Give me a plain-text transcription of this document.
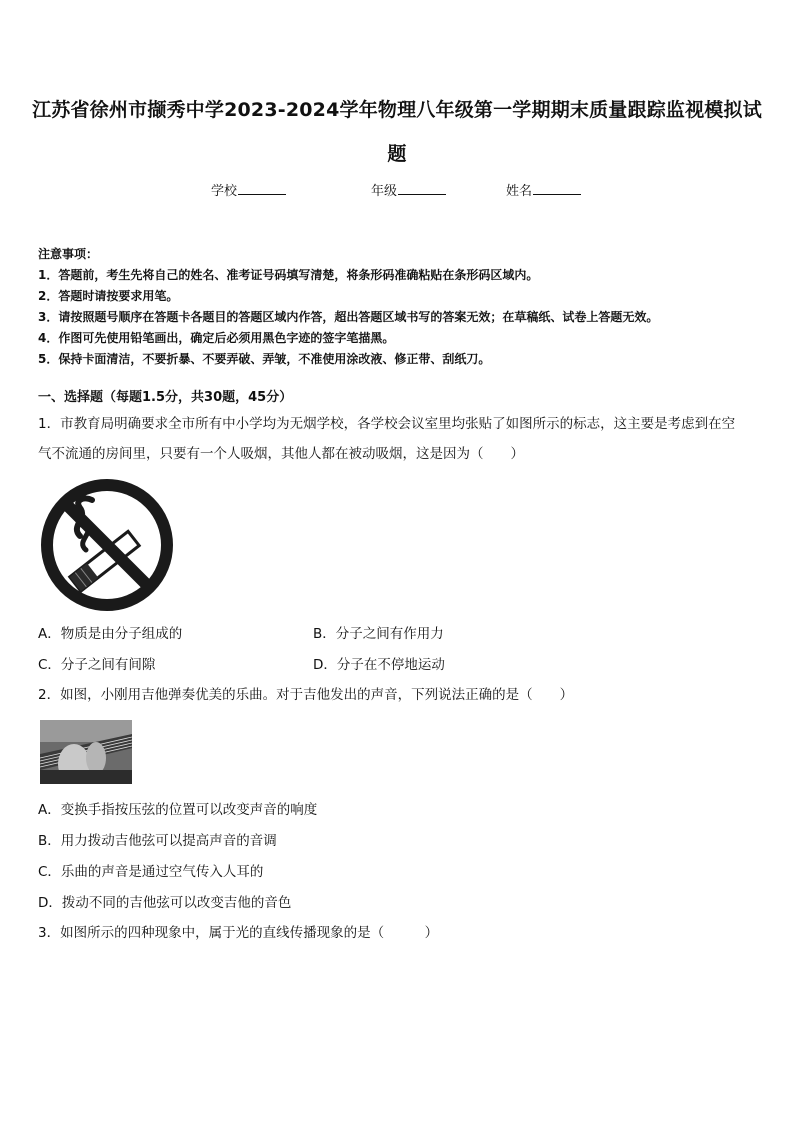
江苏省徐州市撷秀中学2023-2024学年物理八年级第一学期期末质量跟踪监视模拟试
题
学校	年级	姓名
注意事项：
1．答题前，考生先将自己的姓名、准考证号码填写清楚，将条形码准确粘贴在条形码区域内。
2．答题时请按要求用笔。
3．请按照题号顺序在答题卡各题目的答题区域内作答，超出答题区域书写的答案无效；在草稿纸、试卷上答题无效。
4．作图可先使用铅笔画出，确定后必须用黑色字迹的签字笔描黑。
5．保持卡面清洁，不要折暴、不要弄破、弄皱，不准使用涂改液、修正带、刮纸刀。
一、选择题（每题1.5分，共30题，45分）
1．市教育局明确要求全市所有中小学均为无烟学校，各学校会议室里均张贴了如图所示的标志，这主要是考虑到在空
气不流通的房间里，只要有一个人吸烟，其他人都在被动吸烟，这是因为（　　）
A．物质是由分子组成的	B．分子之间有作用力
C．分子之间有间隙	D．分子在不停地运动
2．如图，小刚用吉他弹奏优美的乐曲。对于吉他发出的声音，下列说法正确的是（　　）
A．变换手指按压弦的位置可以改变声音的响度
B．用力拨动吉他弦可以提高声音的音调
C．乐曲的声音是通过空气传入人耳的
D．拨动不同的吉他弦可以改变吉他的音色
3．如图所示的四种现象中，属于光的直线传播现象的是（　　　）
